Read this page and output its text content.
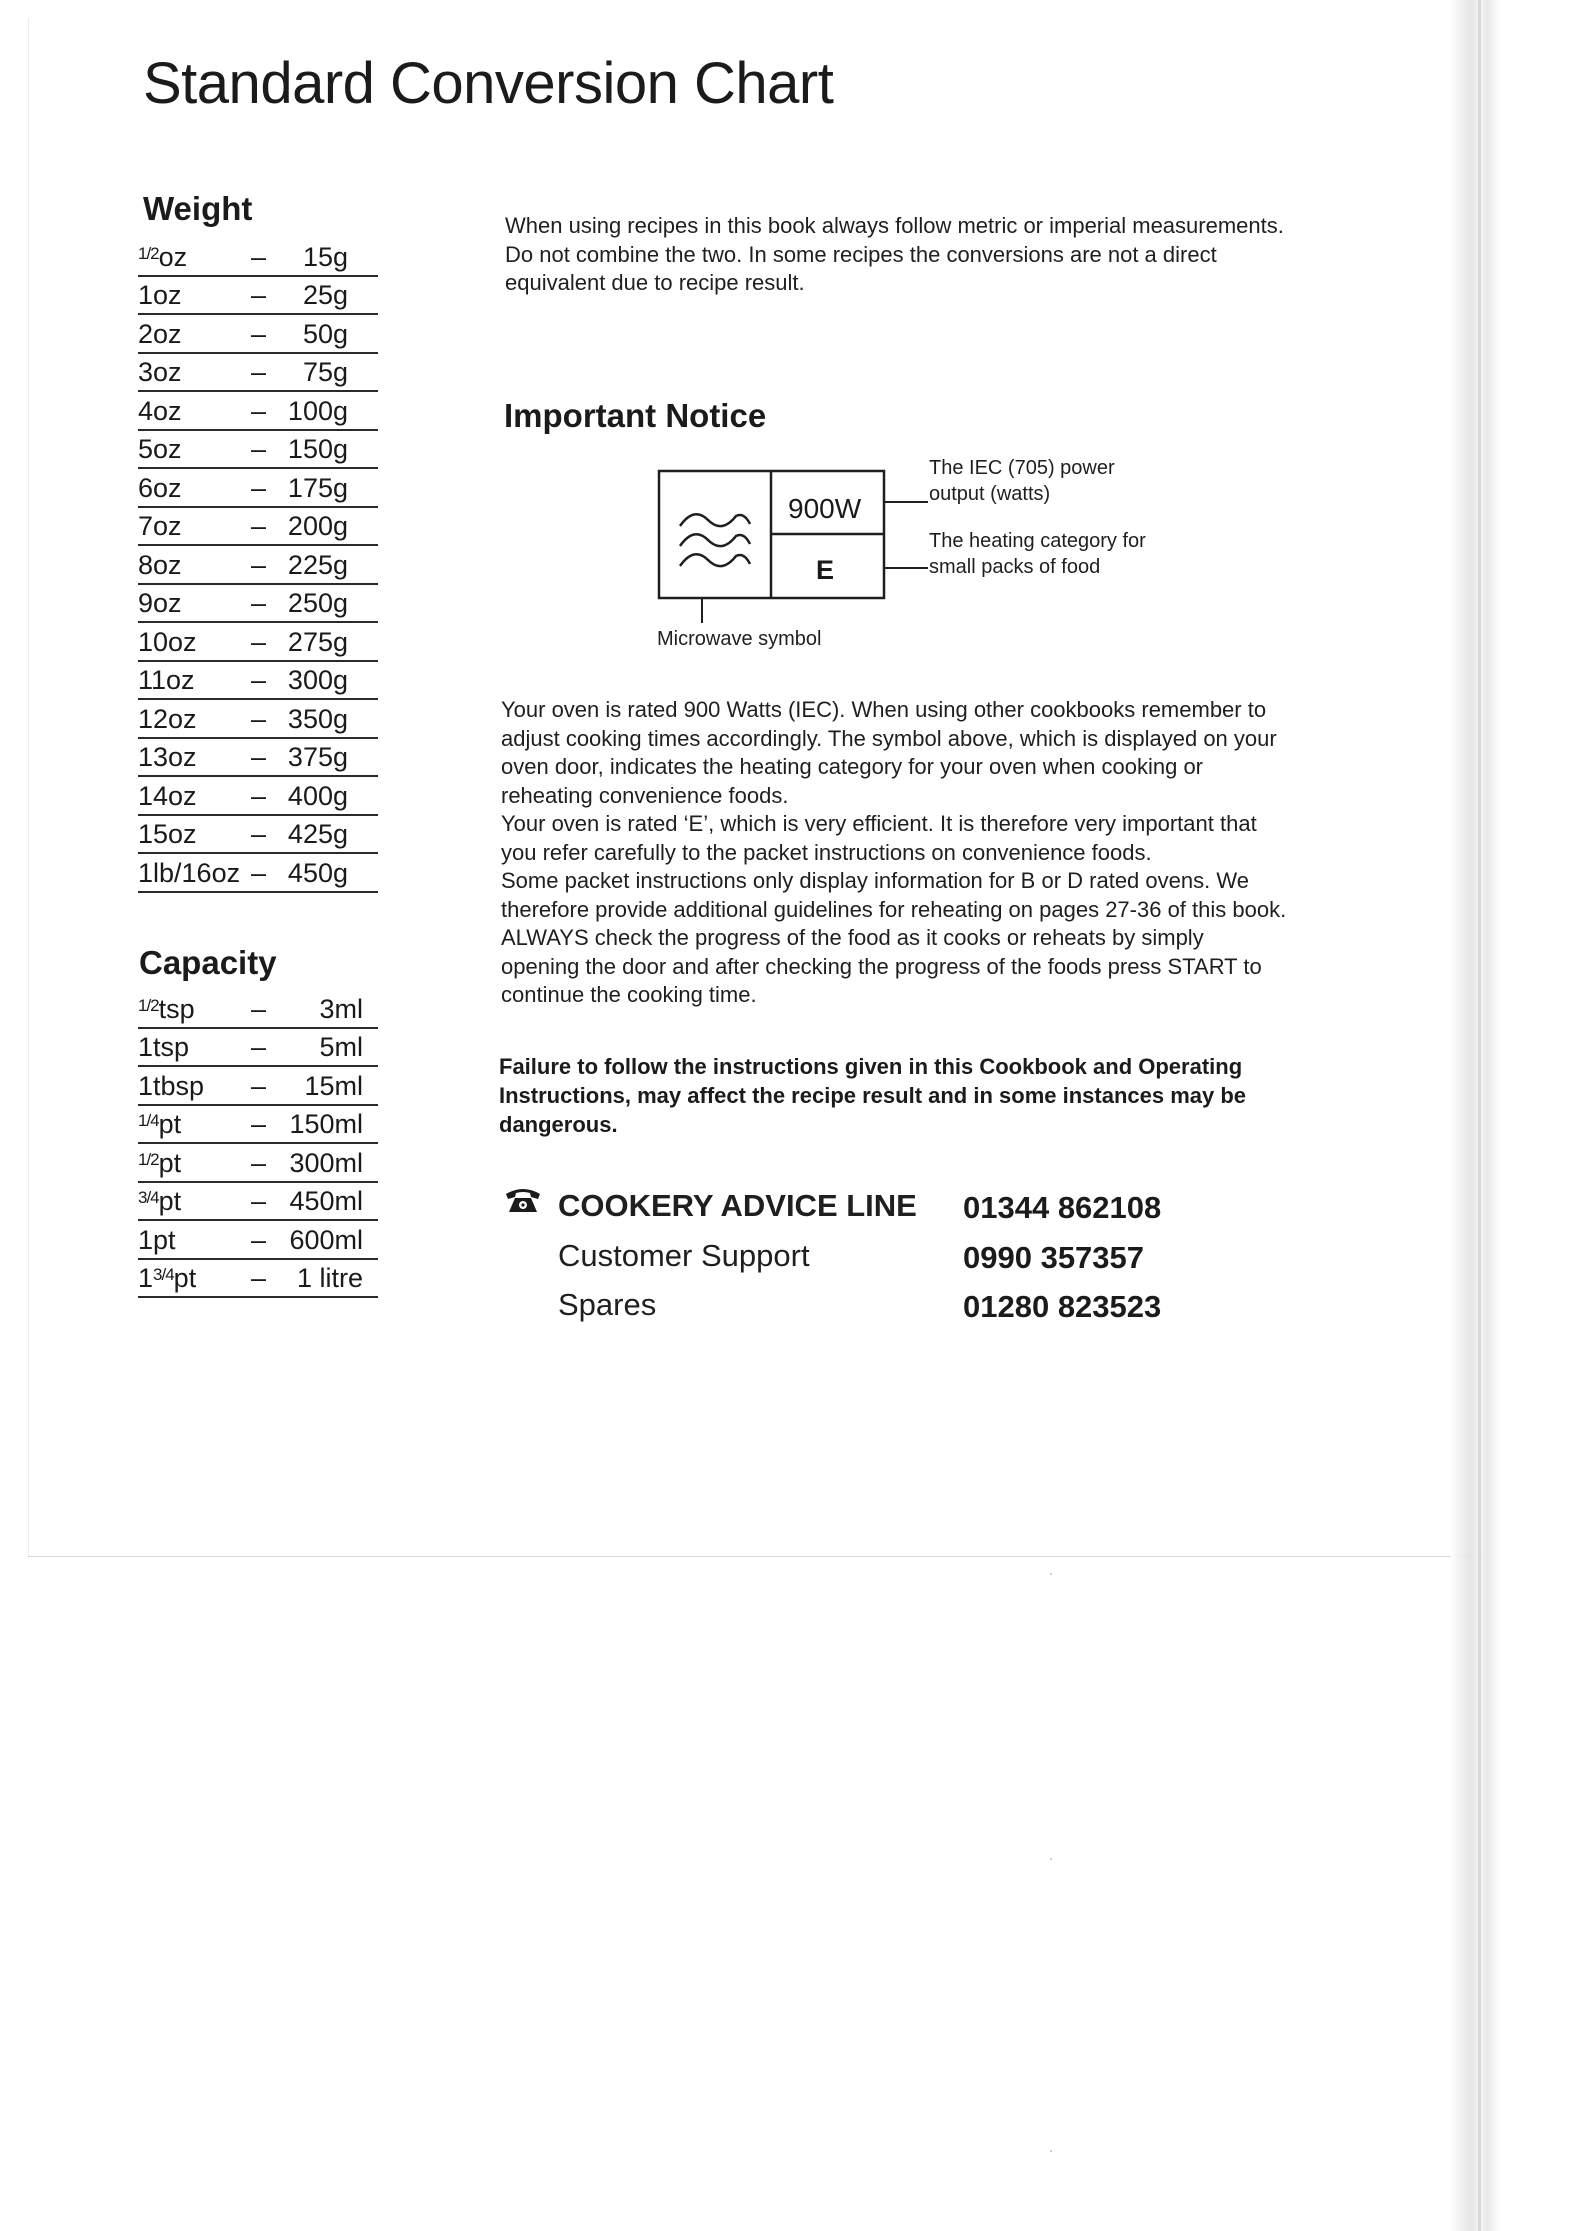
Standard Conversion Chart
Weight
$^{1/2}$oz – 15g
1oz	– 25g
2oz	– 50g
3oz	– 75g
4oz	– 100g
5oz	– 150g
6oz	– 175g
7oz	– 200g
8oz	– 225g
9oz	– 250g
10oz – 275g
11oz – 300g
12oz – 350g
13oz – 375g
14oz – 400g
15oz – 425g
1lb/16oz – 450g
Capacity
$^{1/2}$tsp – 3ml
1tsp – 5ml
1tbsp – 15ml
$^{1/4}$pt	– 150ml
$^{1/2}$pt	– 300ml
$^{3/4}$pt	– 450ml
1pt	– 600ml
$1^{3/4}pt - 1$ litre
When using recipes in this book always follow metric or imperial measurements.
Do not combine the two. In some recipes the conversions are not a direct
equivalent due to recipe result.
Important Notice
900W
E
The IEC (705) power
output (watts)
The heating category for
small packs of food
Microwave symbol
Your oven is rated 900 Watts (IEC). When using other cookbooks remember to
adjust cooking times accordingly. The symbol above, which is displayed on your
oven door, indicates the heating category for your oven when cooking or
reheating convenience foods.
Your oven is rated ‘E’, which is very efficient. It is therefore very important that
you refer carefully to the packet instructions on convenience foods.
Some packet instructions only display information for B or D rated ovens. We
therefore provide additional guidelines for reheating on pages 27-36 of this book.
ALWAYS check the progress of the food as it cooks or reheats by simply
opening the door and after checking the progress of the foods press START to
continue the cooking time.
Failure to follow the instructions given in this Cookbook and Operating
Instructions, may affect the recipe result and in some instances may be
dangerous.
COOKERY ADVICE LINE 01344 862108
Customer Support	0990 357357
Spares	01280 823523
